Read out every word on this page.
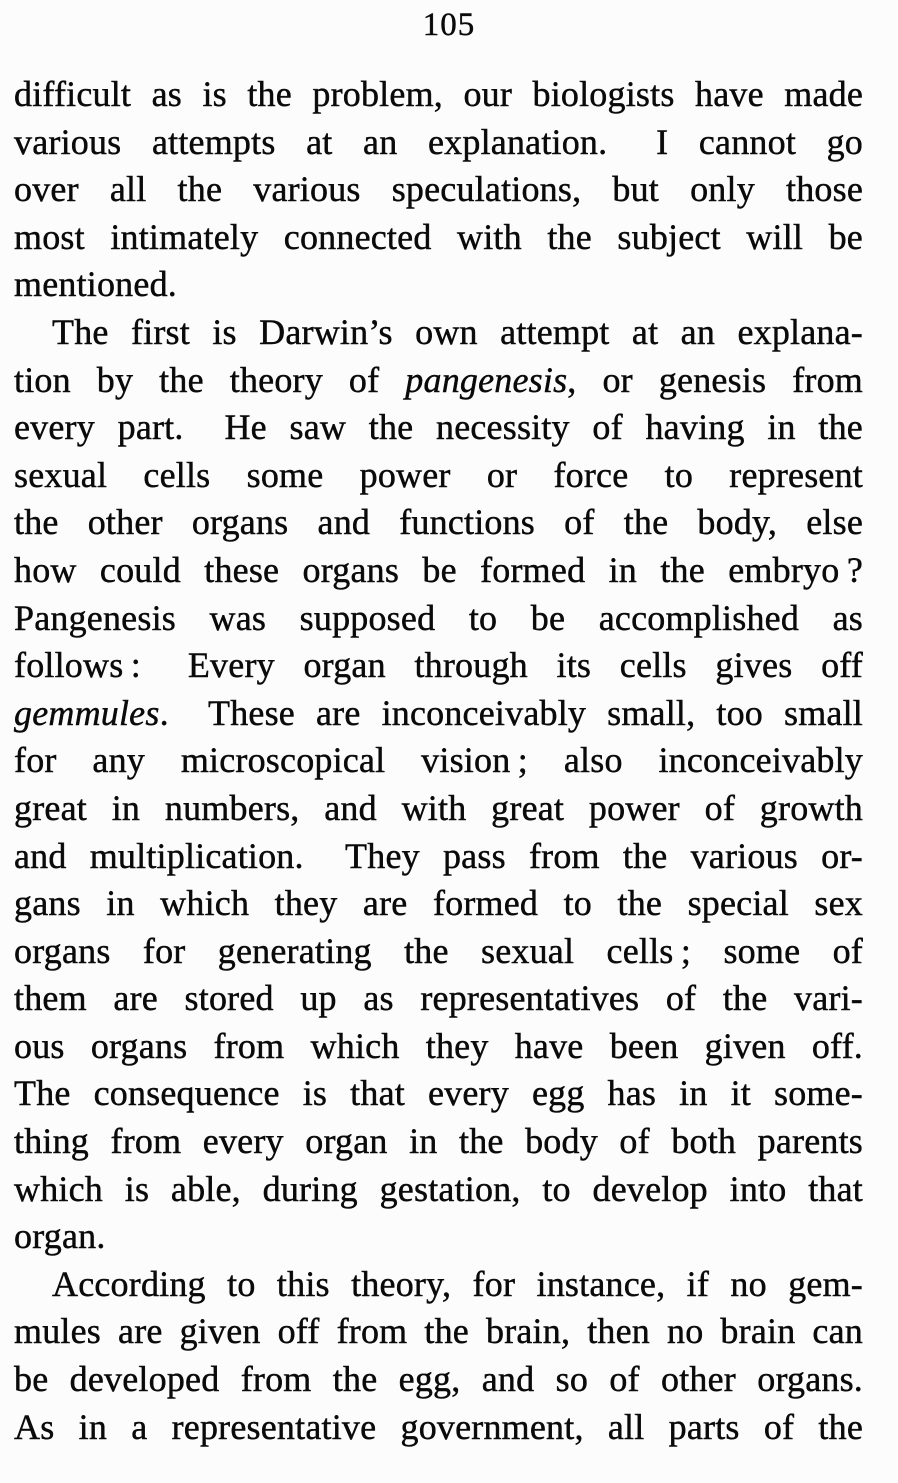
105
difficult as is the problem, our biologists have made
various attempts at an explanation.  I cannot go
over all the various speculations, but only those
most intimately connected with the subject will be
mentioned.
The first is Darwin’s own attempt at an explana-
tion by the theory of pangenesis, or genesis from
every part.  He saw the necessity of having in the
sexual cells some power or force to represent
the other organs and functions of the body, else
how could these organs be formed in the embryo ?
Pangenesis was supposed to be accomplished as
follows :  Every organ through its cells gives off
gemmules.  These are inconceivably small, too small
for any microscopical vision ; also inconceivably
great in numbers, and with great power of growth
and multiplication.  They pass from the various or-
gans in which they are formed to the special sex
organs for generating the sexual cells ; some of
them are stored up as representatives of the vari-
ous organs from which they have been given off.
The consequence is that every egg has in it some-
thing from every organ in the body of both parents
which is able, during gestation, to develop into that
organ.
According to this theory, for instance, if no gem-
mules are given off from the brain, then no brain can
be developed from the egg, and so of other organs.
As in a representative government, all parts of the
